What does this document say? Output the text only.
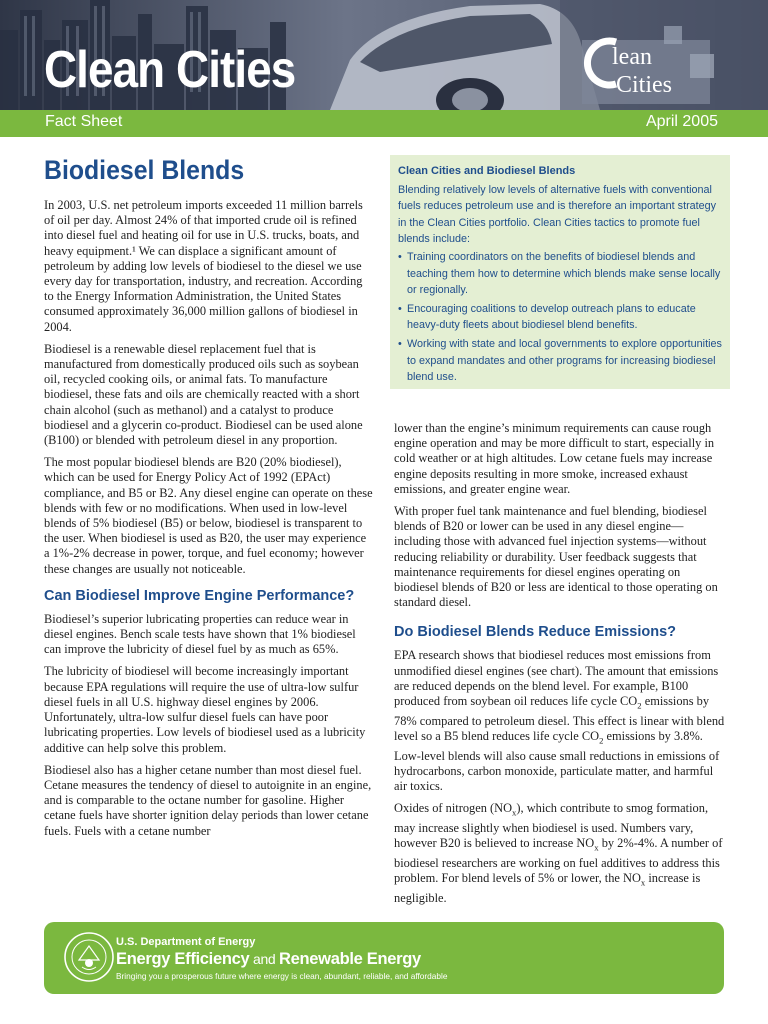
Clean Cities	lean
Cities
Fact Sheet	April 2005
Biodiesel Blends

In 2003, U.S. net petroleum imports exceeded 11 million barrels of oil per day. Almost 24% of that imported crude oil is refined into diesel fuel and heating oil for use in U.S. trucks, boats, and heavy equipment.¹ We can displace a significant amount of petroleum by adding low levels of biodiesel to the diesel we use every day for transportation, industry, and recreation. According to the Energy Information Administration, the United States consumed approximately 36,000 million gallons of biodiesel in 2004.

Biodiesel is a renewable diesel replacement fuel that is manufactured from domestically produced oils such as soybean oil, recycled cooking oils, or animal fats. To manufacture biodiesel, these fats and oils are chemically reacted with a short chain alcohol (such as methanol) and a catalyst to produce biodiesel and a glycerin co-product. Biodiesel can be used alone (B100) or blended with petroleum diesel in any proportion.

The most popular biodiesel blends are B20 (20% biodiesel), which can be used for Energy Policy Act of 1992 (EPAct) compliance, and B5 or B2. Any diesel engine can operate on these blends with few or no modifications. When used in low-level blends of 5% biodiesel (B5) or below, biodiesel is transparent to the user. When biodiesel is used as B20, the user may experience a 1%-2% decrease in power, torque, and fuel economy; however these changes are usually not noticeable.

Can Biodiesel Improve Engine Performance?

Biodiesel’s superior lubricating properties can reduce wear in diesel engines. Bench scale tests have shown that 1% biodiesel can improve the lubricity of diesel fuel by as much as 65%.

The lubricity of biodiesel will become increasingly important because EPA regulations will require the use of ultra-low sulfur diesel fuels in all U.S. highway diesel engines by 2006. Unfortunately, ultra-low sulfur diesel fuels can have poor lubricating properties. Low levels of biodiesel used as a lubricity additive can help solve this problem.

Biodiesel also has a higher cetane number than most diesel fuel. Cetane measures the tendency of diesel to autoignite in an engine, and is comparable to the octane number for gasoline. Higher cetane fuels have shorter ignition delay periods than lower cetane fuels. Fuels with a cetane number

Clean Cities and Biodiesel Blends
Blending relatively low levels of alternative fuels with conventional fuels reduces petroleum use and is therefore an important strategy in the Clean Cities portfolio. Clean Cities tactics to promote fuel blends include:
• Training coordinators on the benefits of biodiesel blends and teaching them how to determine which blends make sense locally or regionally.
• Encouraging coalitions to develop outreach plans to educate heavy-duty fleets about biodiesel blend benefits.
• Working with state and local governments to explore opportunities to expand mandates and other programs for increasing biodiesel blend use.

lower than the engine’s minimum requirements can cause rough engine operation and may be more difficult to start, especially in cold weather or at high altitudes. Low cetane fuels may increase engine deposits resulting in more smoke, increased exhaust emissions, and greater engine wear.

With proper fuel tank maintenance and fuel blending, biodiesel blends of B20 or lower can be used in any diesel engine—including those with advanced fuel injection systems—without reducing reliability or durability. User feedback suggests that maintenance requirements for diesel engines operating on biodiesel blends of B20 or less are identical to those operating on standard diesel.

Do Biodiesel Blends Reduce Emissions?

EPA research shows that biodiesel reduces most emissions from unmodified diesel engines (see chart). The amount that emissions are reduced depends on the blend level. For example, B100 produced from soybean oil reduces life cycle $CO_2$ emissions by 78% compared to petroleum diesel. This effect is linear with blend level so a B5 blend reduces life cycle $CO_2$ emissions by 3.8%. Low-level blends will also cause small reductions in emissions of hydrocarbons, carbon monoxide, particulate matter, and harmful air toxics.

Oxides of nitrogen $(NO_x)$, which contribute to smog formation, may increase slightly when biodiesel is used. Numbers vary, however B20 is believed to increase $NO_x$ by 2%-4%. A number of biodiesel researchers are working on fuel additives to address this problem. For blend levels of 5% or lower, the $NO_x$ increase is negligible.

U.S. Department of Energy
Energy Efficiency and Renewable Energy
Bringing you a prosperous future where energy is clean, abundant, reliable, and affordable
